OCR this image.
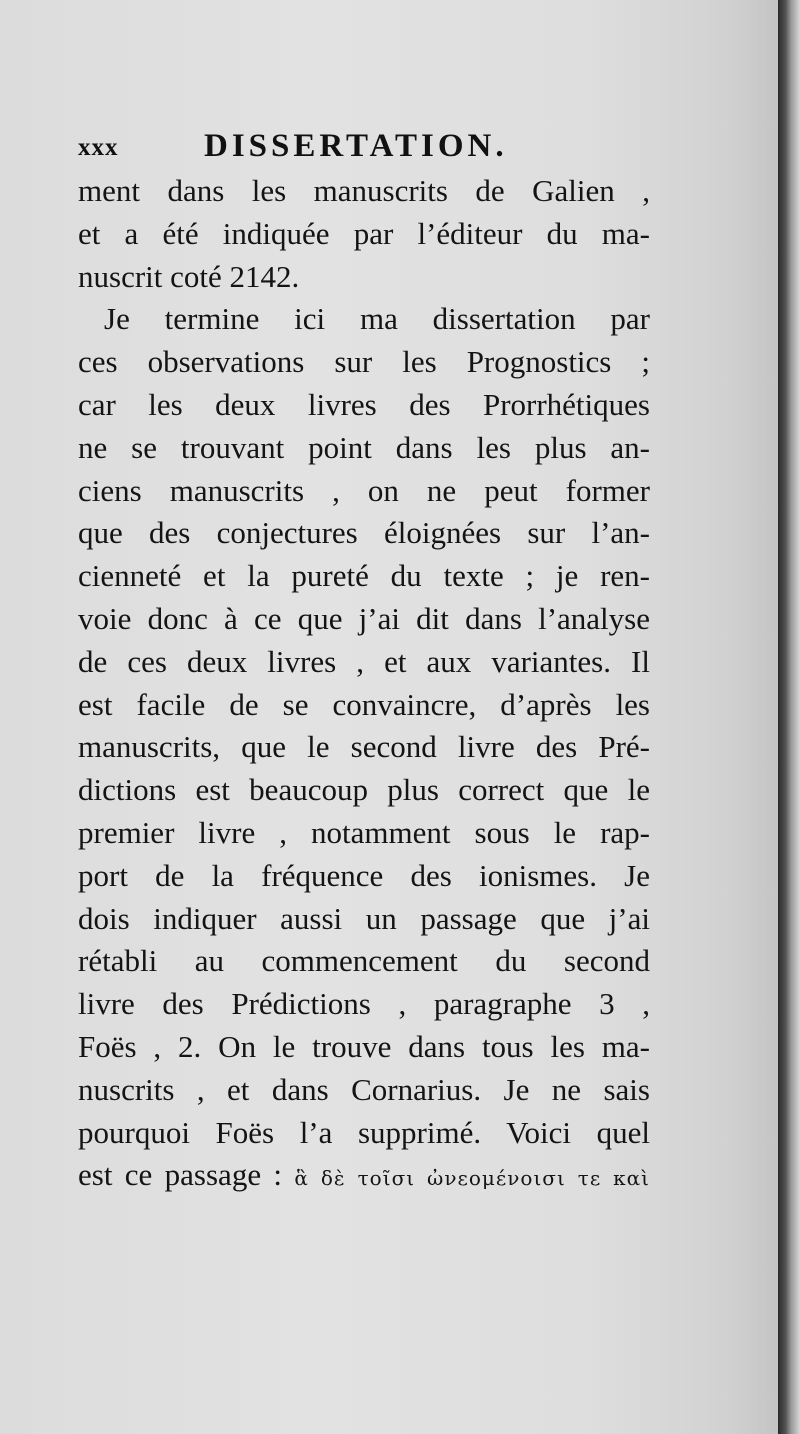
xxx	DISSERTATION.
ment dans les manuscrits de Galien ,
et a été indiquée par l’éditeur du ma-
nuscrit coté 2142.
Je termine ici ma dissertation par
ces observations sur les Prognostics ;
car les deux livres des Prorrhétiques
ne se trouvant point dans les plus an-
ciens manuscrits , on ne peut former
que des conjectures éloignées sur l’an-
cienneté et la pureté du texte ; je ren-
voie donc à ce que j’ai dit dans l’analyse
de ces deux livres , et aux variantes. Il
est facile de se convaincre, d’après les
manuscrits, que le second livre des Pré-
dictions est beaucoup plus correct que le
premier livre , notamment sous le rap-
port de la fréquence des ionismes. Je
dois indiquer aussi un passage que j’ai
rétabli au commencement du second
livre des Prédictions , paragraphe 3 ,
Foës , 2. On le trouve dans tous les ma-
nuscrits , et dans Cornarius. Je ne sais
pourquoi Foës l’a supprimé. Voici quel
est ce passage : ἃ δὲ τοῖσι ὠνεομένοισι τε καὶ
